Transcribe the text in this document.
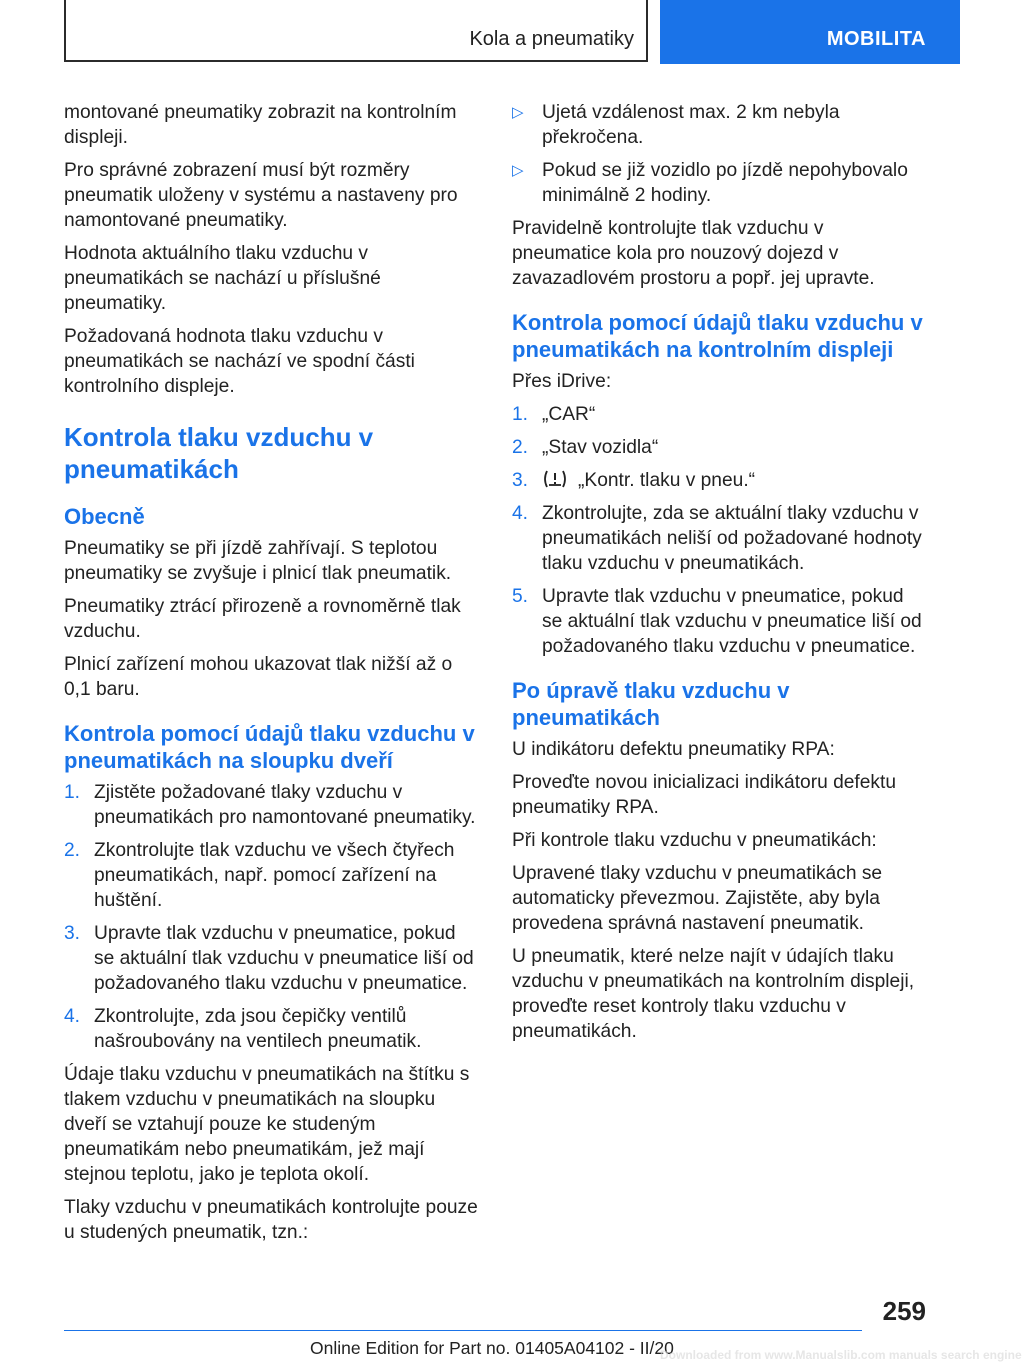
Kola a pneumatiky	MOBILITA

montované pneumatiky zobrazit na kontrolním displeji.

Pro správné zobrazení musí být rozměry pneumatik uloženy v systému a nastaveny pro namontované pneumatiky.

Hodnota aktuálního tlaku vzduchu v pneumatikách se nachází u příslušné pneumatiky.

Požadovaná hodnota tlaku vzduchu v pneumatikách se nachází ve spodní části kontrolního displeje.

Kontrola tlaku vzduchu v pneumatikách
Obecně

Pneumatiky se při jízdě zahřívají. S teplotou pneumatiky se zvyšuje i plnicí tlak pneumatik.

Pneumatiky ztrácí přirozeně a rovnoměrně tlak vzduchu.

Plnicí zařízení mohou ukazovat tlak nižší až o 0,1 baru.

Kontrola pomocí údajů tlaku vzduchu v pneumatikách na sloupku dveří
1. Zjistěte požadované tlaky vzduchu v pneumatikách pro namontované pneumatiky.
2. Zkontrolujte tlak vzduchu ve všech čtyřech pneumatikách, např. pomocí zařízení na huštění.
3. Upravte tlak vzduchu v pneumatice, pokud se aktuální tlak vzduchu v pneumatice liší od požadovaného tlaku vzduchu v pneumatice.
4. Zkontrolujte, zda jsou čepičky ventilů našroubovány na ventilech pneumatik.

Údaje tlaku vzduchu v pneumatikách na štítku s tlakem vzduchu v pneumatikách na sloupku dveří se vztahují pouze ke studeným pneumatikám nebo pneumatikám, jež mají stejnou teplotu, jako je teplota okolí.

Tlaky vzduchu v pneumatikách kontrolujte pouze u studených pneumatik, tzn.:

▷ Ujetá vzdálenost max. 2 km nebyla překročena.
▷ Pokud se již vozidlo po jízdě nepohybovalo minimálně 2 hodiny.

Pravidelně kontrolujte tlak vzduchu v pneumatice kola pro nouzový dojezd v zavazadlovém prostoru a popř. jej upravte.

Kontrola pomocí údajů tlaku vzduchu v pneumatikách na kontrolním displeji

Přes iDrive:

1. „CAR“
2. „Stav vozidla“
3.	„Kontr. tlaku v pneu.“
4. Zkontrolujte, zda se aktuální tlaky vzduchu v pneumatikách neliší od požadované hodnoty tlaku vzduchu v pneumatikách.
5. Upravte tlak vzduchu v pneumatice, pokud se aktuální tlak vzduchu v pneumatice liší od požadovaného tlaku vzduchu v pneumatice.
Po úpravě tlaku vzduchu v pneumatikách

U indikátoru defektu pneumatiky RPA:

Proveďte novou inicializaci indikátoru defektu pneumatiky RPA.

Při kontrole tlaku vzduchu v pneumatikách:

Upravené tlaky vzduchu v pneumatikách se automaticky převezmou. Zajistěte, aby byla provedena správná nastavení pneumatik.

U pneumatik, které nelze najít v údajích tlaku vzduchu v pneumatikách na kontrolním displeji, proveďte reset kontroly tlaku vzduchu v pneumatikách.

259
Online Edition for Part no. 01405A04102 - II/20
Downloaded from www.Manualslib.com manuals search engine
